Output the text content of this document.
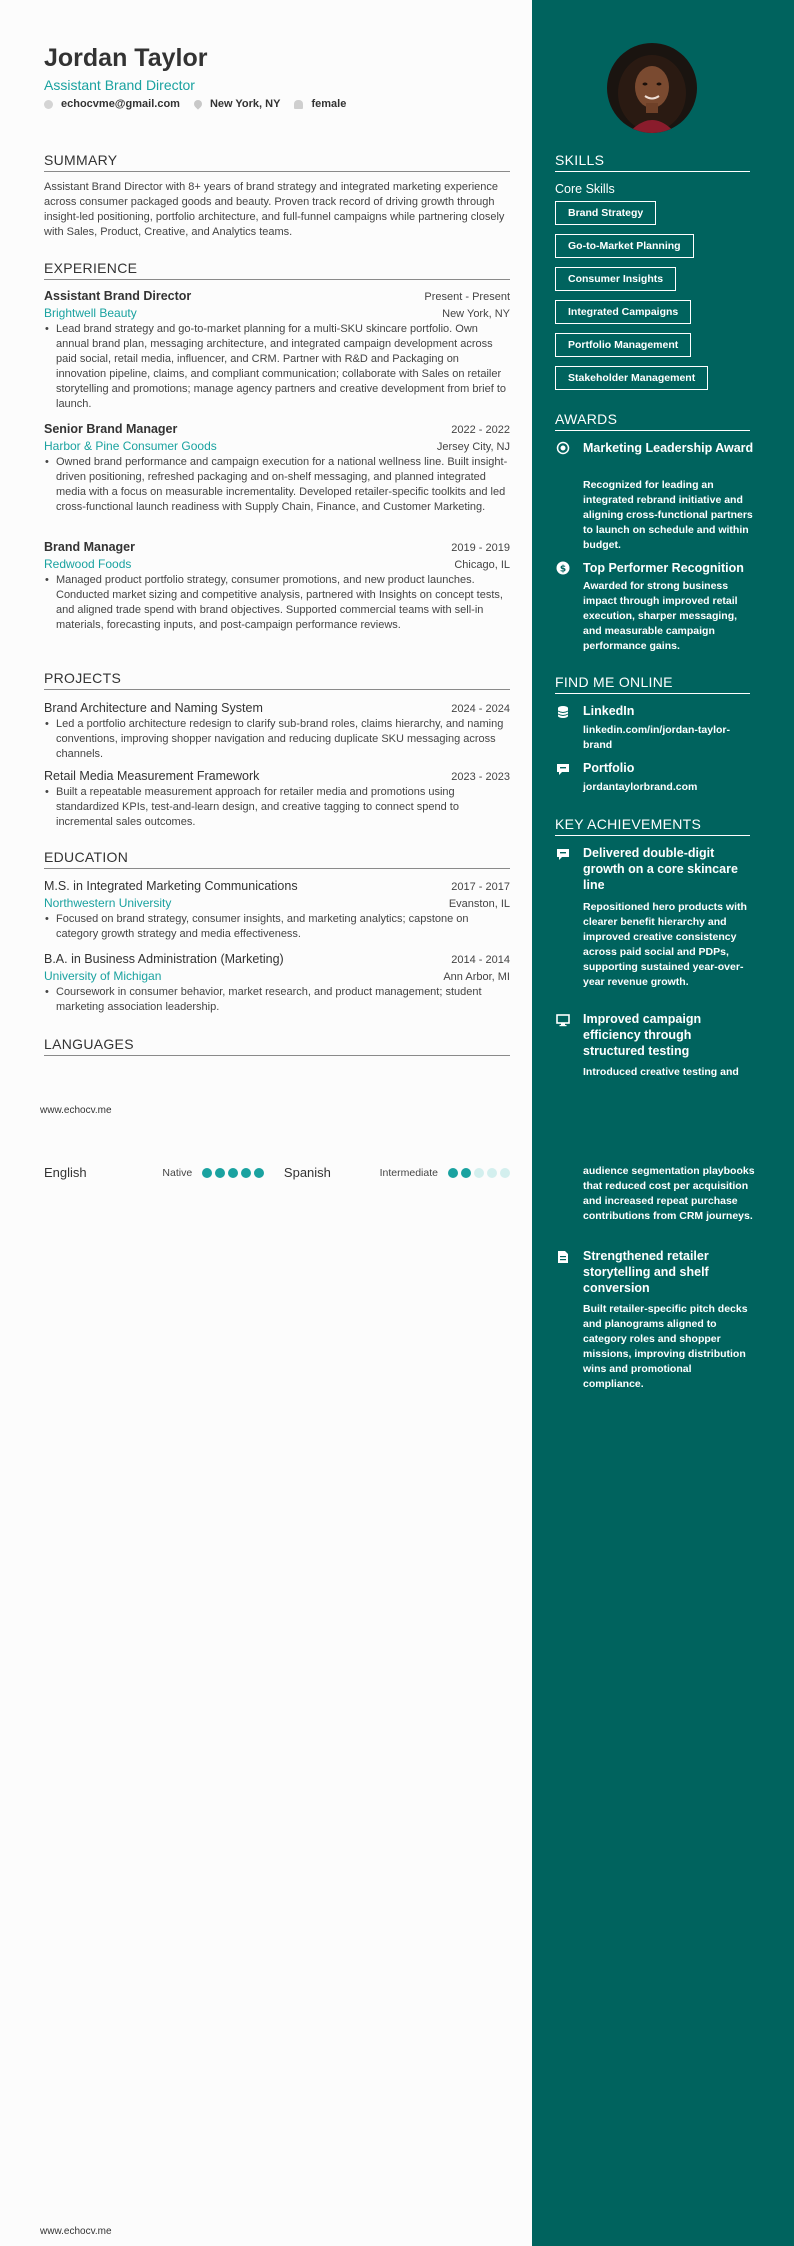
Jordan Taylor
Assistant Brand Director
echocvme@gmail.com	New York, NY	female
SUMMARY
Assistant Brand Director with 8+ years of brand strategy and integrated marketing experience across consumer packaged goods and beauty. Proven track record of driving growth through insight-led positioning, portfolio architecture, and full-funnel campaigns while partnering closely with Sales, Product, Creative, and Analytics teams.
EXPERIENCE
Assistant Brand Director	Present - Present
Brightwell Beauty	New York, NY
• Lead brand strategy and go-to-market planning for a multi-SKU skincare portfolio. Own annual brand plan, messaging architecture, and integrated campaign development across paid social, retail media, influencer, and CRM. Partner with R&D and Packaging on innovation pipeline, claims, and compliant communication; collaborate with Sales on retailer storytelling and promotions; manage agency partners and creative development from brief to launch.
Senior Brand Manager	2022 - 2022
Harbor & Pine Consumer Goods	Jersey City, NJ
• Owned brand performance and campaign execution for a national wellness line. Built insight-driven positioning, refreshed packaging and on-shelf messaging, and planned integrated media with a focus on measurable incrementality. Developed retailer-specific toolkits and led cross-functional launch readiness with Supply Chain, Finance, and Customer Marketing.
Brand Manager	2019 - 2019
Redwood Foods	Chicago, IL
• Managed product portfolio strategy, consumer promotions, and new product launches. Conducted market sizing and competitive analysis, partnered with Insights on concept tests, and aligned trade spend with brand objectives. Supported commercial teams with sell-in materials, forecasting inputs, and post-campaign performance reviews.
PROJECTS
Brand Architecture and Naming System	2024 - 2024
• Led a portfolio architecture redesign to clarify sub-brand roles, claims hierarchy, and naming conventions, improving shopper navigation and reducing duplicate SKU messaging across channels.
Retail Media Measurement Framework	2023 - 2023
• Built a repeatable measurement approach for retailer media and promotions using standardized KPIs, test-and-learn design, and creative tagging to connect spend to incremental sales outcomes.
EDUCATION
M.S. in Integrated Marketing Communications	2017 - 2017
Northwestern University	Evanston, IL
• Focused on brand strategy, consumer insights, and marketing analytics; capstone on category growth strategy and media effectiveness.
B.A. in Business Administration (Marketing)	2014 - 2014
University of Michigan	Ann Arbor, MI
• Coursework in consumer behavior, market research, and product management; student marketing association leadership.
LANGUAGES
www.echocv.me
English	Native	Spanish	Intermediate
www.echocv.me
SKILLS
Core Skills
Brand Strategy
Go-to-Market Planning
Consumer Insights
Integrated Campaigns
Portfolio Management
Stakeholder Management
AWARDS
Marketing Leadership Award
Recognized for leading an integrated rebrand initiative and aligning cross-functional partners to launch on schedule and within budget.
$ Top Performer Recognition
Awarded for strong business impact through improved retail execution, sharper messaging, and measurable campaign performance gains.
FIND ME ONLINE
LinkedIn
linkedin.com/in/jordan-taylor-brand
Portfolio
jordantaylorbrand.com
KEY ACHIEVEMENTS
Delivered double-digit growth on a core skincare line
Repositioned hero products with clearer benefit hierarchy and improved creative consistency across paid social and PDPs, supporting sustained year-over-year revenue growth.
Improved campaign efficiency through structured testing
Introduced creative testing and
audience segmentation playbooks that reduced cost per acquisition and increased repeat purchase contributions from CRM journeys.
Strengthened retailer storytelling and shelf conversion
Built retailer-specific pitch decks and planograms aligned to category roles and shopper missions, improving distribution wins and promotional compliance.
